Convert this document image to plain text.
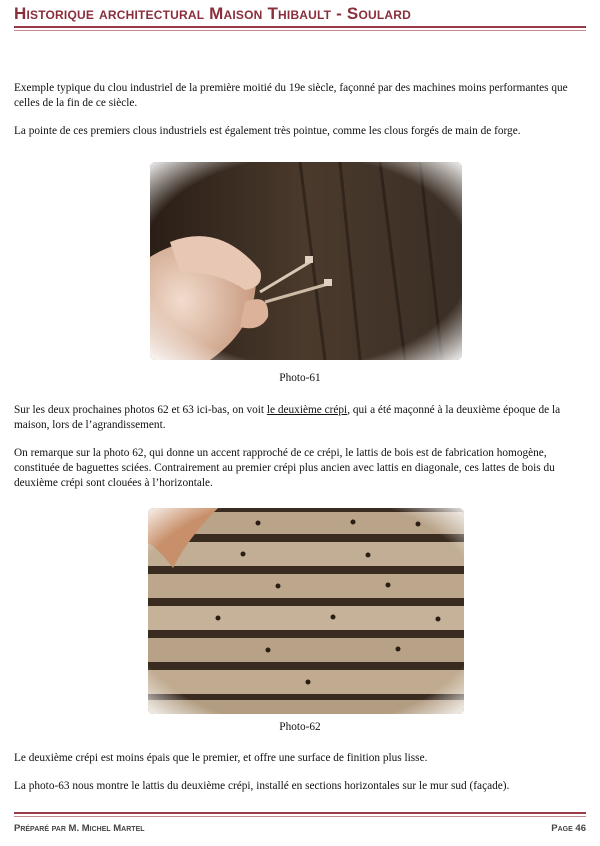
Historique architectural Maison Thibault - Soulard

Exemple typique du clou industriel de la première moitié du 19e siècle, façonné par des machines moins performantes que celles de la fin de ce siècle.

La pointe de ces premiers clous industriels est également très pointue, comme les clous forgés de main de forge.

Photo-61

Sur les deux prochaines photos 62 et 63 ici-bas, on voit le deuxième crépi, qui a été maçonné à la deuxième époque de la maison, lors de l’agrandissement.

On remarque sur la photo 62, qui donne un accent rapproché de ce crépi, le lattis de bois est de fabrication homogène, constituée de baguettes sciées. Contrairement au premier crépi plus ancien avec lattis en diagonale, ces lattes de bois du deuxième crépi sont clouées à l’horizontale.

Photo-62

Le deuxième crépi est moins épais que le premier, et offre une surface de finition plus lisse.

La photo-63 nous montre le lattis du deuxième crépi, installé en sections horizontales sur le mur sud (façade).

Préparé par M. Michel Martel	Page 46
